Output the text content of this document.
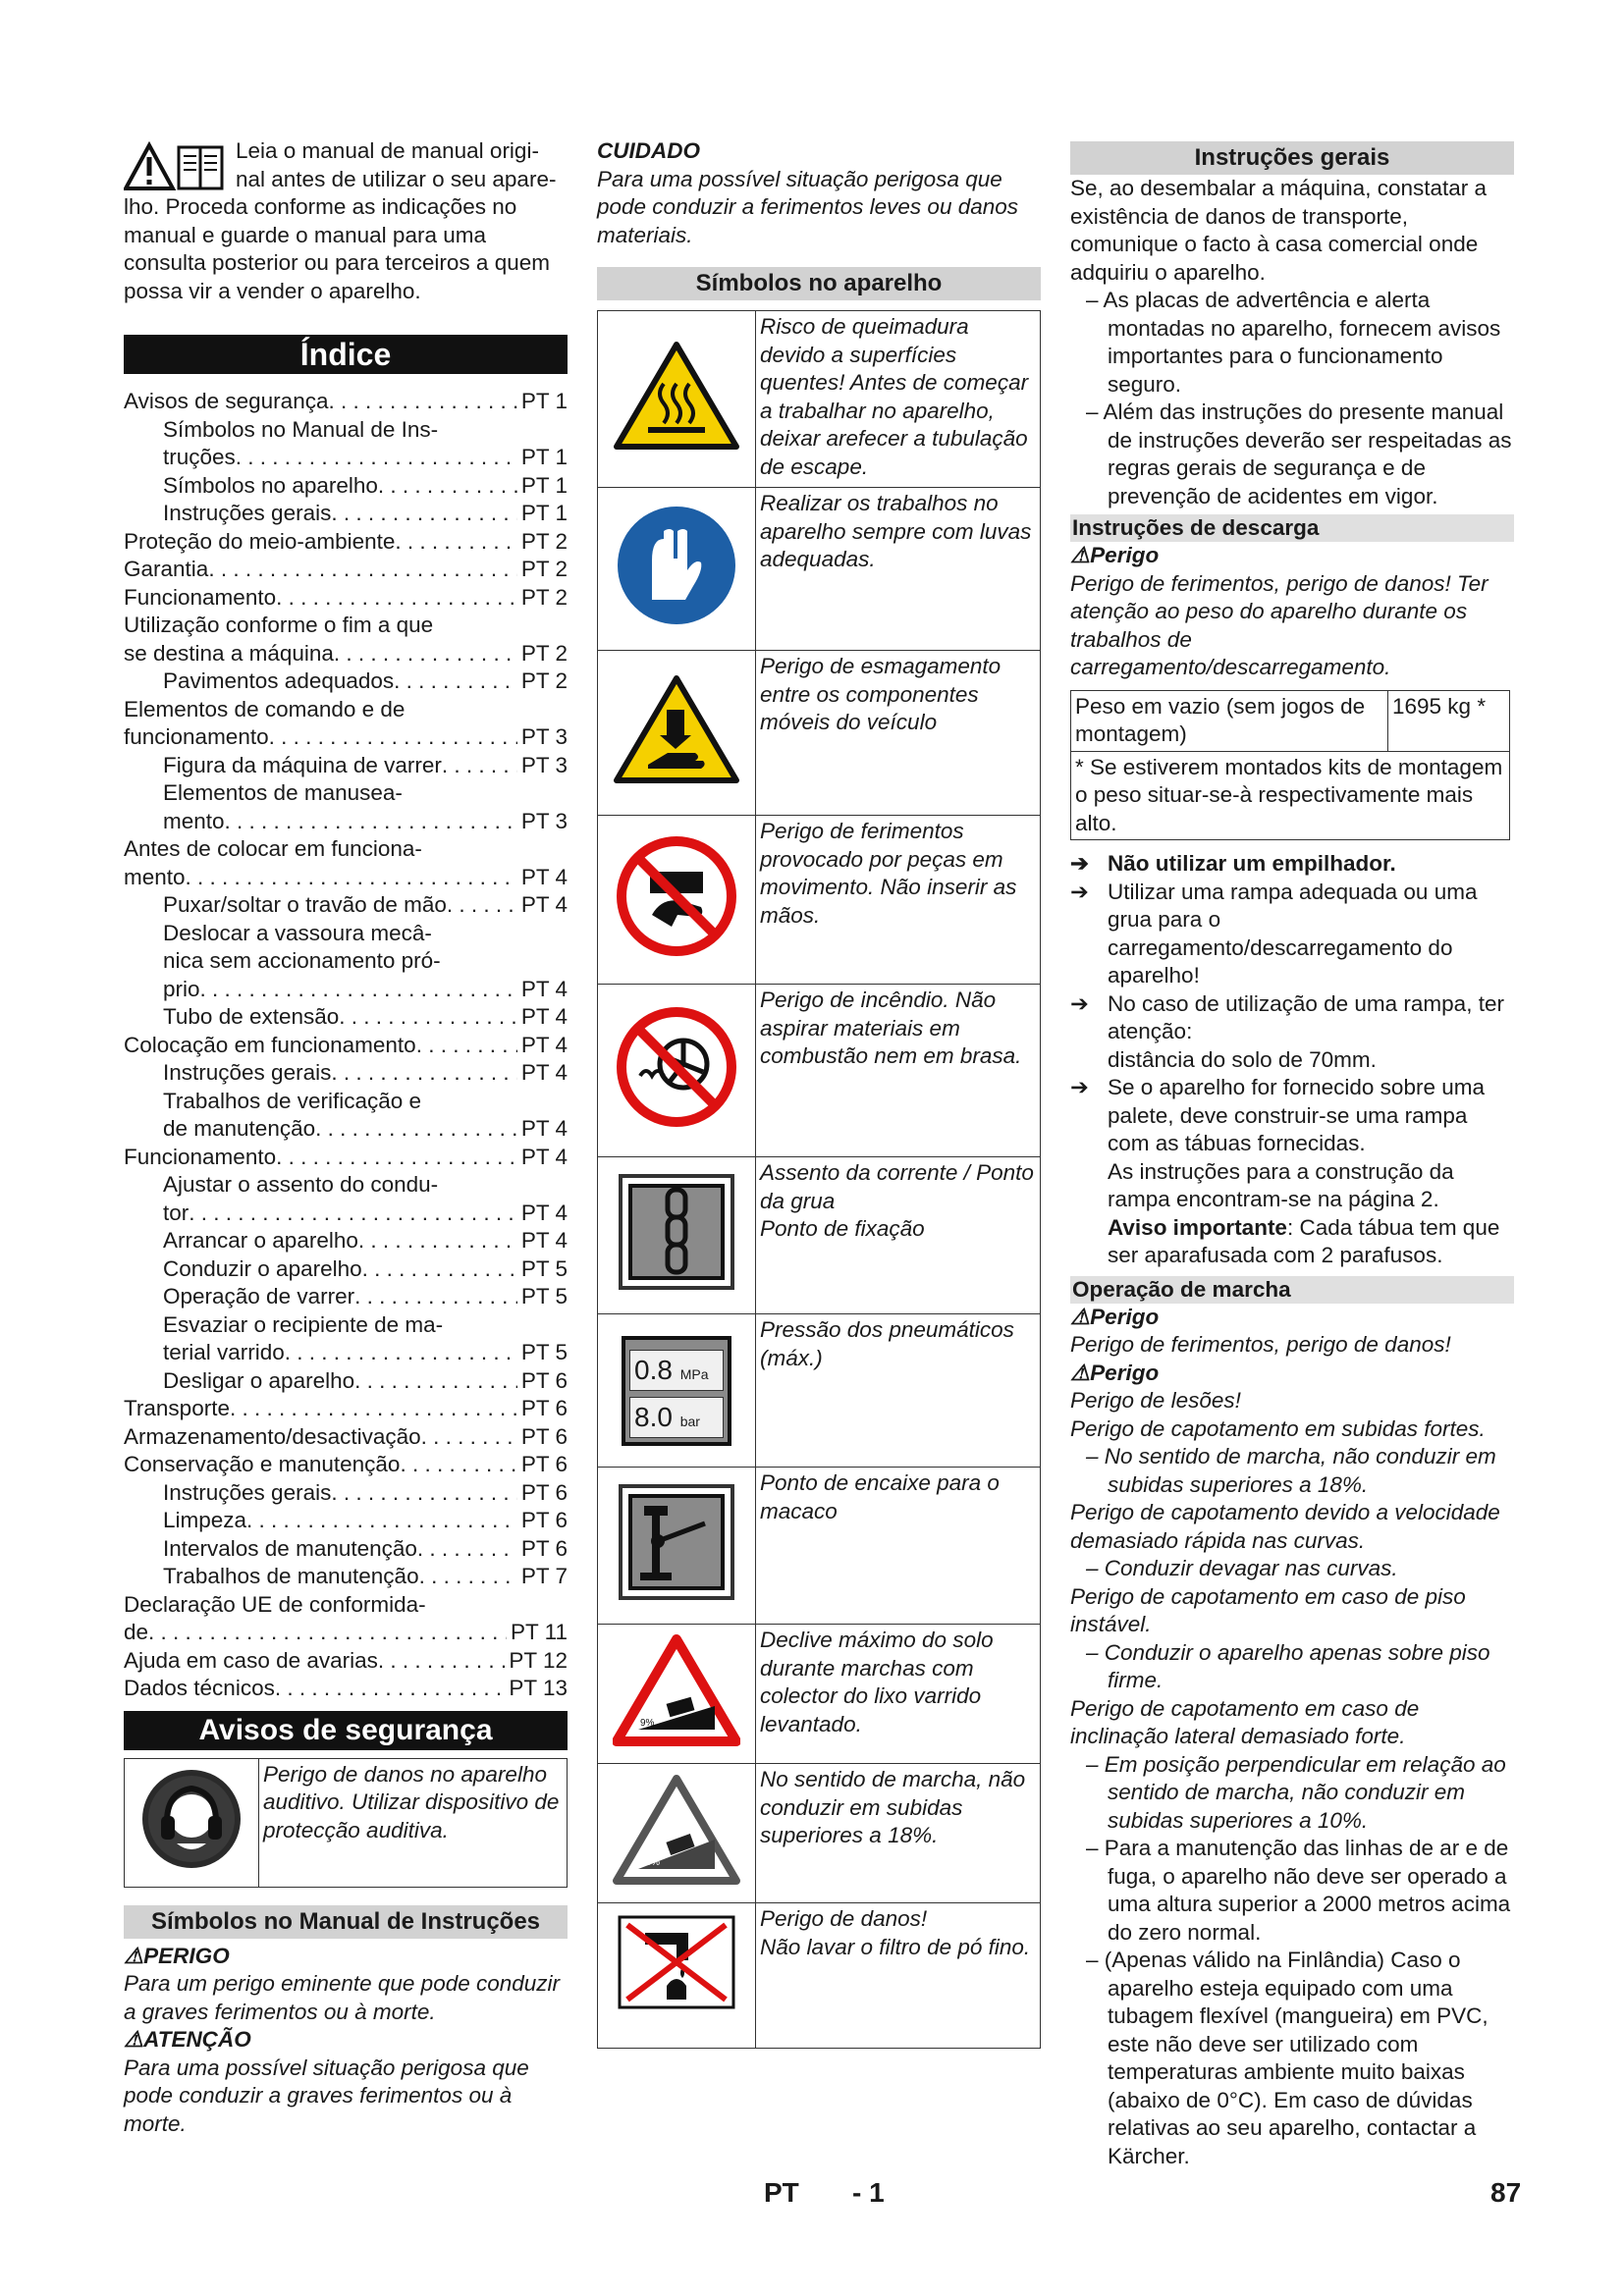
Leia o manual de manual origi-

nal antes de utilizar o seu apare-

lho. Proceda conforme as indicações no manual e guarde o manual para uma consulta posterior ou para terceiros a quem possa vir a vender o aparelho.

Índice
Avisos de segurança . . .	PT 1
Símbolos no Manual de Ins-
truções . . .	PT 1
Símbolos no aparelho . . .	PT 1
Instruções gerais . . .	PT 1
Proteção do meio-ambiente . . .	PT 2
Garantia . . .	PT 2
Funcionamento . . .	PT 2
Utilização conforme o fim a que
se destina a máquina . . .	PT 2
Pavimentos adequados . . .	PT 2
Elementos de comando e de
funcionamento . . .	PT 3
Figura da máquina de varrer . . .	PT 3
Elementos de manusea-
mento . . .	PT 3
Antes de colocar em funciona-
mento . . .	PT 4
Puxar/soltar o travão de mão . . .	PT 4
Deslocar a vassoura mecâ-
nica sem accionamento pró-
prio . . .	PT 4
Tubo de extensão . . .	PT 4
Colocação em funcionamento . . .	PT 4
Instruções gerais . . .	PT 4
Trabalhos de verificação e
de manutenção . . .	PT 4
Funcionamento . . .	PT 4
Ajustar o assento do condu-
tor . . .	PT 4
Arrancar o aparelho . . .	PT 4
Conduzir o aparelho . . .	PT 5
Operação de varrer . . .	PT 5
Esvaziar o recipiente de ma-
terial varrido . . .	PT 5
Desligar o aparelho . . .	PT 6
Transporte . . .	PT 6
Armazenamento/desactivação . . .	PT 6
Conservação e manutenção . . .	PT 6
Instruções gerais . . .	PT 6
Limpeza . . .	PT 6
Intervalos de manutenção . . .	PT 6
Trabalhos de manutenção . . .	PT 7
Declaração UE de conformida-
de . . .	PT 11
Ajuda em caso de avarias . . .	PT 12
Dados técnicos . . .	PT 13
Avisos de segurança
	Perigo de danos no aparelho auditivo. Utilizar dispositivo de protecção auditiva.
Símbolos no Manual de Instruções

⚠PERIGO

Para um perigo eminente que pode conduzir a graves ferimentos ou à morte.

⚠ATENÇÃO

Para uma possível situação perigosa que pode conduzir a graves ferimentos ou à morte.

CUIDADO

Para uma possível situação perigosa que pode conduzir a ferimentos leves ou danos materiais.

Símbolos no aparelho
	Risco de queimadura devido a superfícies quentes! Antes de começar a trabalhar no aparelho, deixar arefecer a tubulação de escape.
	Realizar os trabalhos no aparelho sempre com luvas adequadas.
	Perigo de esmagamento entre os componentes móveis do veículo
	Perigo de ferimentos provocado por peças em movimento. Não inserir as mãos.
	Perigo de incêndio. Não aspirar materiais em combustão nem em brasa.
	Assento da corrente / Ponto da grua
Ponto de fixação

0.8 MPa
8.0 bar	Pressão dos pneumáticos (máx.)
	Ponto de encaixe para o macaco

9%	Declive máximo do solo durante marchas com colector do lixo varrido levantado.

18%	No sentido de marcha, não conduzir em subidas superiores a 18%.
	Perigo de danos!
Não lavar o filtro de pó fino.
Instruções gerais

Se, ao desembalar a máquina, constatar a existência de danos de transporte, comunique o facto à casa comercial onde adquiriu o aparelho.

– As placas de advertência e alerta montadas no aparelho, fornecem avisos importantes para o funcionamento seguro.

– Além das instruções do presente manual de instruções deverão ser respeitadas as regras gerais de segurança e de prevenção de acidentes em vigor.

Instruções de descarga

⚠Perigo

Perigo de ferimentos, perigo de danos! Ter atenção ao peso do aparelho durante os trabalhos de carregamento/descarregamento.

Peso em vazio (sem jogos de montagem)	1695 kg *
* Se estiverem montados kits de montagem o peso situar-se-à respectivamente mais alto.

➔ Não utilizar um empilhador.

➔ Utilizar uma rampa adequada ou uma grua para o carregamento/descarregamento do aparelho!

➔ No caso de utilização de uma rampa, ter atenção:

distância do solo de 70mm.

➔ Se o aparelho for fornecido sobre uma palete, deve construir-se uma rampa com as tábuas fornecidas.

As instruções para a construção da rampa encontram-se na página 2.

Aviso importante: Cada tábua tem que ser aparafusada com 2 parafusos.

Operação de marcha

⚠Perigo

Perigo de ferimentos, perigo de danos!

⚠Perigo

Perigo de lesões!

Perigo de capotamento em subidas fortes.

– No sentido de marcha, não conduzir em subidas superiores a 18%.

Perigo de capotamento devido a velocidade demasiado rápida nas curvas.

– Conduzir devagar nas curvas.

Perigo de capotamento em caso de piso instável.

– Conduzir o aparelho apenas sobre piso firme.

Perigo de capotamento em caso de inclinação lateral demasiado forte.

– Em posição perpendicular em relação ao sentido de marcha, não conduzir em subidas superiores a 10%.

– Para a manutenção das linhas de ar e de fuga, o aparelho não deve ser operado a uma altura superior a 2000 metros acima do zero normal.

– (Apenas válido na Finlândia) Caso o aparelho esteja equipado com uma tubagem flexível (mangueira) em PVC, este não deve ser utilizado com temperaturas ambiente muito baixas (abaixo de 0°C). Em caso de dúvidas relativas ao seu aparelho, contactar a Kärcher.

PT - 1	87
